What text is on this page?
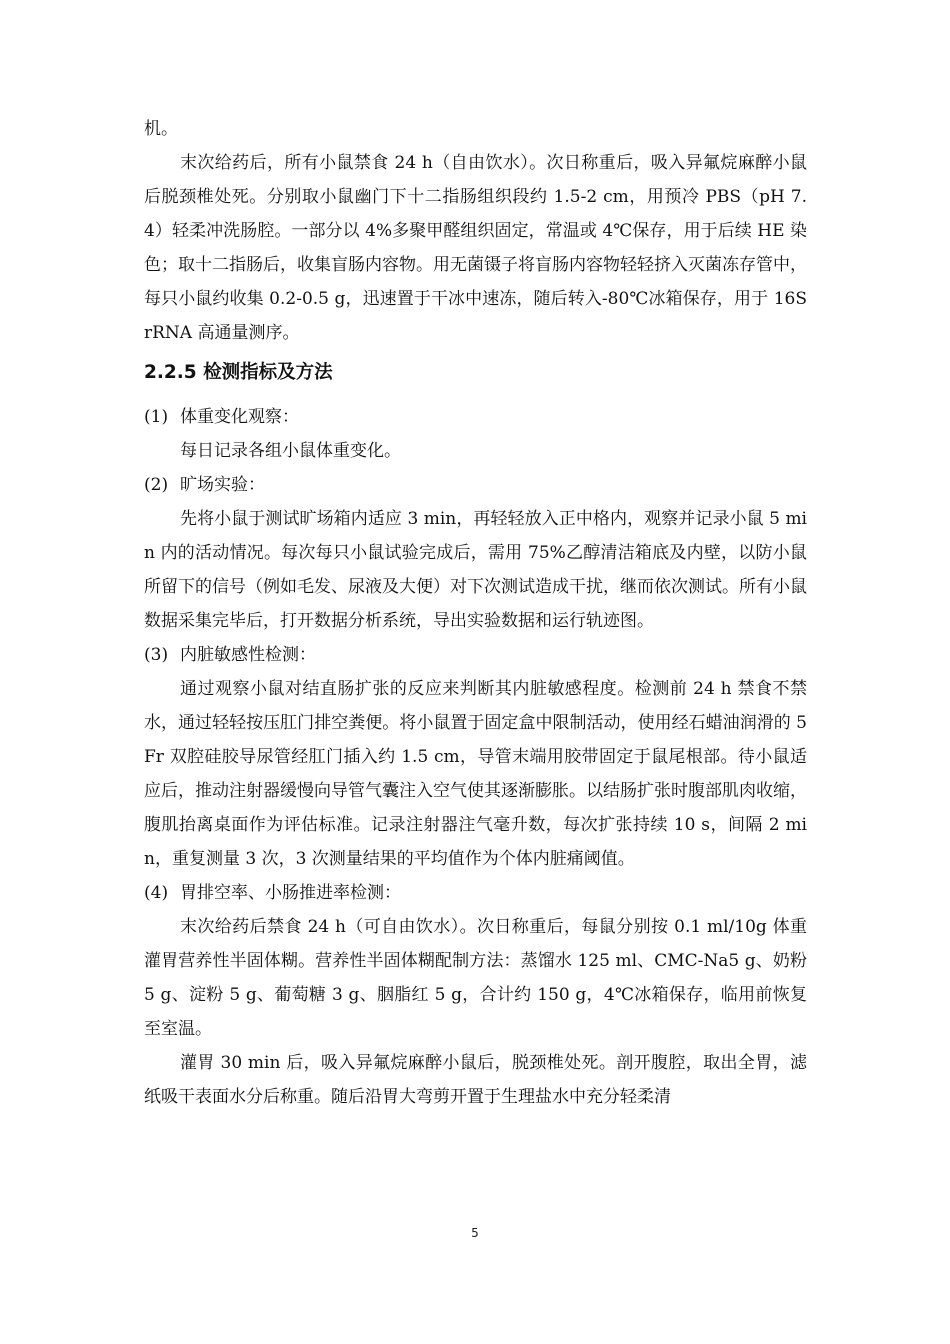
机。

末次给药后，所有小鼠禁食 24 h（自由饮水）。次日称重后，吸入异氟烷麻醉小鼠后脱颈椎处死。分别取小鼠幽门下十二指肠组织段约 1.5-2 cm，用预冷 PBS（pH 7.4）轻柔冲洗肠腔。一部分以 4%多聚甲醛组织固定，常温或 4℃保存，用于后续 HE 染色；取十二指肠后，收集盲肠内容物。用无菌镊子将盲肠内容物轻轻挤入灭菌冻存管中，每只小鼠约收集 0.2-0.5 g，迅速置于干冰中速冻，随后转入-80℃冰箱保存，用于 16S rRNA 高通量测序。

2.2.5 检测指标及方法

(1) 体重变化观察：

每日记录各组小鼠体重变化。

(2) 旷场实验：

先将小鼠于测试旷场箱内适应 3 min，再轻轻放入正中格内，观察并记录小鼠 5 min 内的活动情况。每次每只小鼠试验完成后，需用 75%乙醇清洁箱底及内壁，以防小鼠所留下的信号（例如毛发、尿液及大便）对下次测试造成干扰，继而依次测试。所有小鼠数据采集完毕后，打开数据分析系统，导出实验数据和运行轨迹图。

(3) 内脏敏感性检测：

通过观察小鼠对结直肠扩张的反应来判断其内脏敏感程度。检测前 24 h 禁食不禁水，通过轻轻按压肛门排空粪便。将小鼠置于固定盒中限制活动，使用经石蜡油润滑的 5Fr 双腔硅胶导尿管经肛门插入约 1.5 cm，导管末端用胶带固定于鼠尾根部。待小鼠适应后，推动注射器缓慢向导管气囊注入空气使其逐渐膨胀。以结肠扩张时腹部肌肉收缩，腹肌抬离桌面作为评估标准。记录注射器注气毫升数，每次扩张持续 10 s，间隔 2 min，重复测量 3 次，3 次测量结果的平均值作为个体内脏痛阈值。

(4) 胃排空率、小肠推进率检测：

末次给药后禁食 24 h（可自由饮水）。次日称重后，每鼠分别按 0.1 ml/10g 体重灌胃营养性半固体糊。营养性半固体糊配制方法：蒸馏水 125 ml、CMC-Na5 g、奶粉 5 g、淀粉 5 g、葡萄糖 3 g、胭脂红 5 g，合计约 150 g，4℃冰箱保存，临用前恢复至室温。

灌胃 30 min 后，吸入异氟烷麻醉小鼠后，脱颈椎处死。剖开腹腔，取出全胃，滤纸吸干表面水分后称重。随后沿胃大弯剪开置于生理盐水中充分轻柔清

5
